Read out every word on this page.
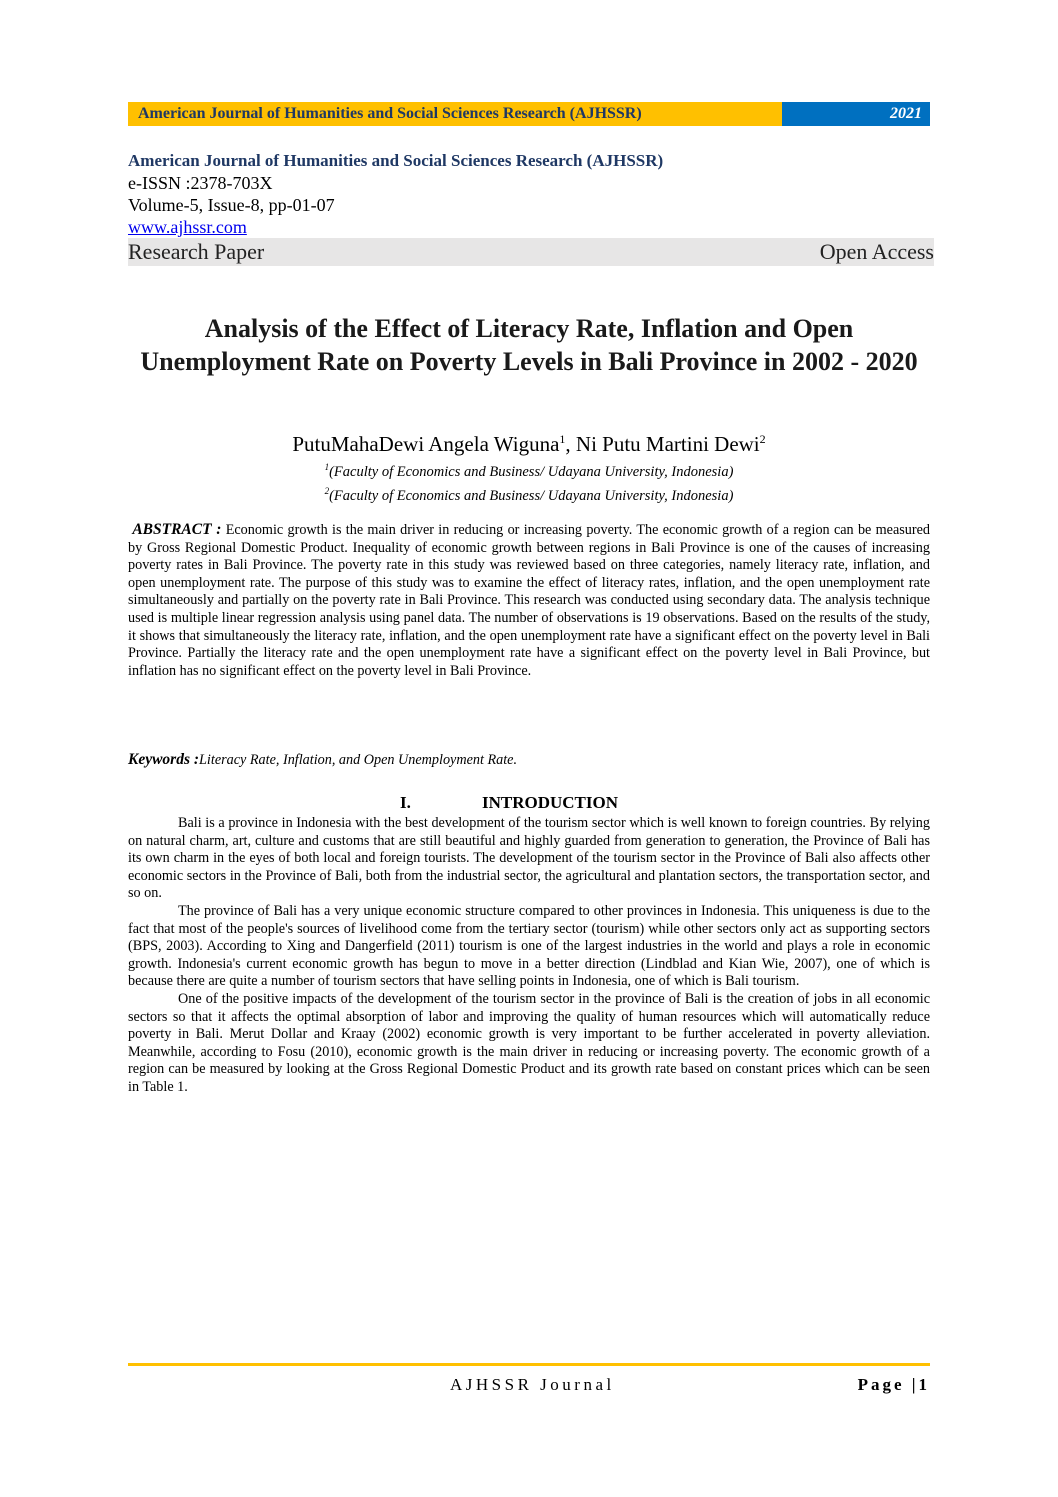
American Journal of Humanities and Social Sciences Research (AJHSSR)	2021
American Journal of Humanities and Social Sciences Research (AJHSSR)
e-ISSN :2378-703X
Volume-5, Issue-8, pp-01-07
www.ajhssr.com
Research Paper	Open Access
Analysis of the Effect of Literacy Rate, Inflation and Open Unemployment Rate on Poverty Levels in Bali Province in 2002 - 2020
PutuMahaDewi Angela Wiguna$^1$, Ni Putu Martini Dewi$^2$
$^1$(Faculty of Economics and Business/ Udayana University, Indonesia)
$^2$(Faculty of Economics and Business/ Udayana University, Indonesia)
ABSTRACT : Economic growth is the main driver in reducing or increasing poverty. The economic growth of a region can be measured by Gross Regional Domestic Product. Inequality of economic growth between regions in Bali Province is one of the causes of increasing poverty rates in Bali Province. The poverty rate in this study was reviewed based on three categories, namely literacy rate, inflation, and open unemployment rate. The purpose of this study was to examine the effect of literacy rates, inflation, and the open unemployment rate simultaneously and partially on the poverty rate in Bali Province. This research was conducted using secondary data. The analysis technique used is multiple linear regression analysis using panel data. The number of observations is 19 observations. Based on the results of the study, it shows that simultaneously the literacy rate, inflation, and the open unemployment rate have a significant effect on the poverty level in Bali Province. Partially the literacy rate and the open unemployment rate have a significant effect on the poverty level in Bali Province, but inflation has no significant effect on the poverty level in Bali Province.
Keywords :Literacy Rate, Inflation, and Open Unemployment Rate.
I.	INTRODUCTION

Bali is a province in Indonesia with the best development of the tourism sector which is well known to foreign countries. By relying on natural charm, art, culture and customs that are still beautiful and highly guarded from generation to generation, the Province of Bali has its own charm in the eyes of both local and foreign tourists. The development of the tourism sector in the Province of Bali also affects other economic sectors in the Province of Bali, both from the industrial sector, the agricultural and plantation sectors, the transportation sector, and so on.

The province of Bali has a very unique economic structure compared to other provinces in Indonesia. This uniqueness is due to the fact that most of the people's sources of livelihood come from the tertiary sector (tourism) while other sectors only act as supporting sectors (BPS, 2003). According to Xing and Dangerfield (2011) tourism is one of the largest industries in the world and plays a role in economic growth. Indonesia's current economic growth has begun to move in a better direction (Lindblad and Kian Wie, 2007), one of which is because there are quite a number of tourism sectors that have selling points in Indonesia, one of which is Bali tourism.

One of the positive impacts of the development of the tourism sector in the province of Bali is the creation of jobs in all economic sectors so that it affects the optimal absorption of labor and improving the quality of human resources which will automatically reduce poverty in Bali. Merut Dollar and Kraay (2002) economic growth is very important to be further accelerated in poverty alleviation. Meanwhile, according to Fosu (2010), economic growth is the main driver in reducing or increasing poverty. The economic growth of a region can be measured by looking at the Gross Regional Domestic Product and its growth rate based on constant prices which can be seen in Table 1.

AJHSSR Journal	Page |1
